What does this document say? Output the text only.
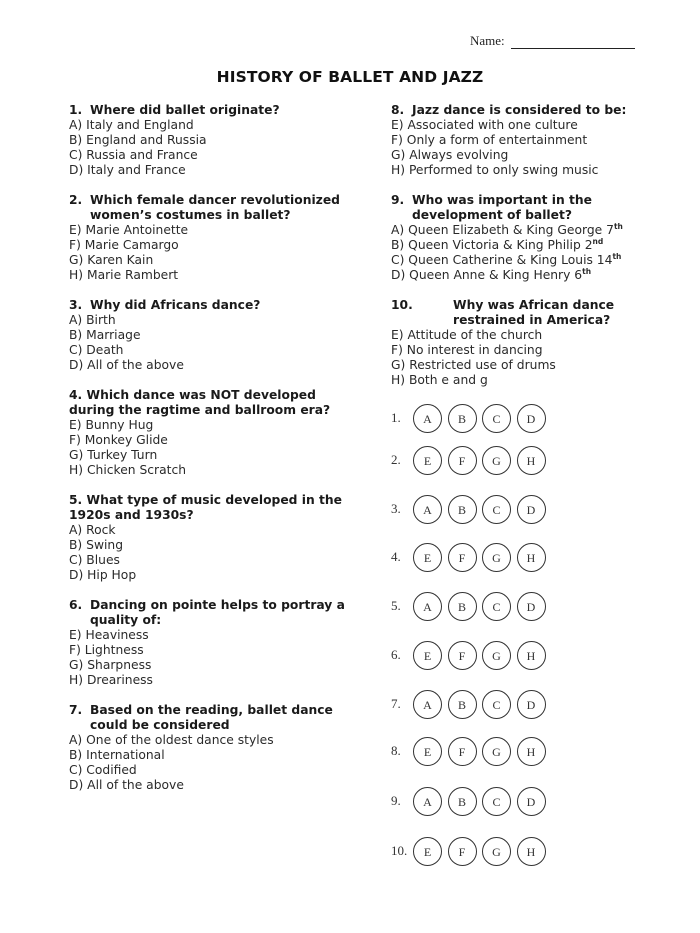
Name:
HISTORY OF BALLET AND JAZZ
1. Where did ballet originate?
A) Italy and England
B) England and Russia
C) Russia and France
D) Italy and France
2. Which female dancer revolutionized women’s costumes in ballet?
E) Marie Antoinette
F) Marie Camargo
G) Karen Kain
H) Marie Rambert
3. Why did Africans dance?
A) Birth
B) Marriage
C) Death
D) All of the above
4. Which dance was NOT developed during the ragtime and ballroom era?
E) Bunny Hug
F) Monkey Glide
G) Turkey Turn
H) Chicken Scratch
5. What type of music developed in the 1920s and 1930s?
A) Rock
B) Swing
C) Blues
D) Hip Hop
6. Dancing on pointe helps to portray a quality of:
E) Heaviness
F) Lightness
G) Sharpness
H) Dreariness
7. Based on the reading, ballet dance could be considered
A) One of the oldest dance styles
B) International
C) Codified
D) All of the above
8. Jazz dance is considered to be:
E) Associated with one culture
F) Only a form of entertainment
G) Always evolving
H) Performed to only swing music
9. Who was important in the development of ballet?
A) Queen Elizabeth & King George 7th
B) Queen Victoria & King Philip 2nd
C) Queen Catherine & King Louis 14th
D) Queen Anne & King Henry 6th
10.	Why was African dance restrained in America?
E) Attitude of the church
F) No interest in dancing
G) Restricted use of drums
H) Both e and g
1.	A	B	C	D
2.	E	F	G	H
3.	A	B	C	D
4.	E	F	G	H
5.	A	B	C	D
6.	E	F	G	H
7.	A	B	C	D
8.	E	F	G	H
9.	A	B	C	D
10.	E	F	G	H
